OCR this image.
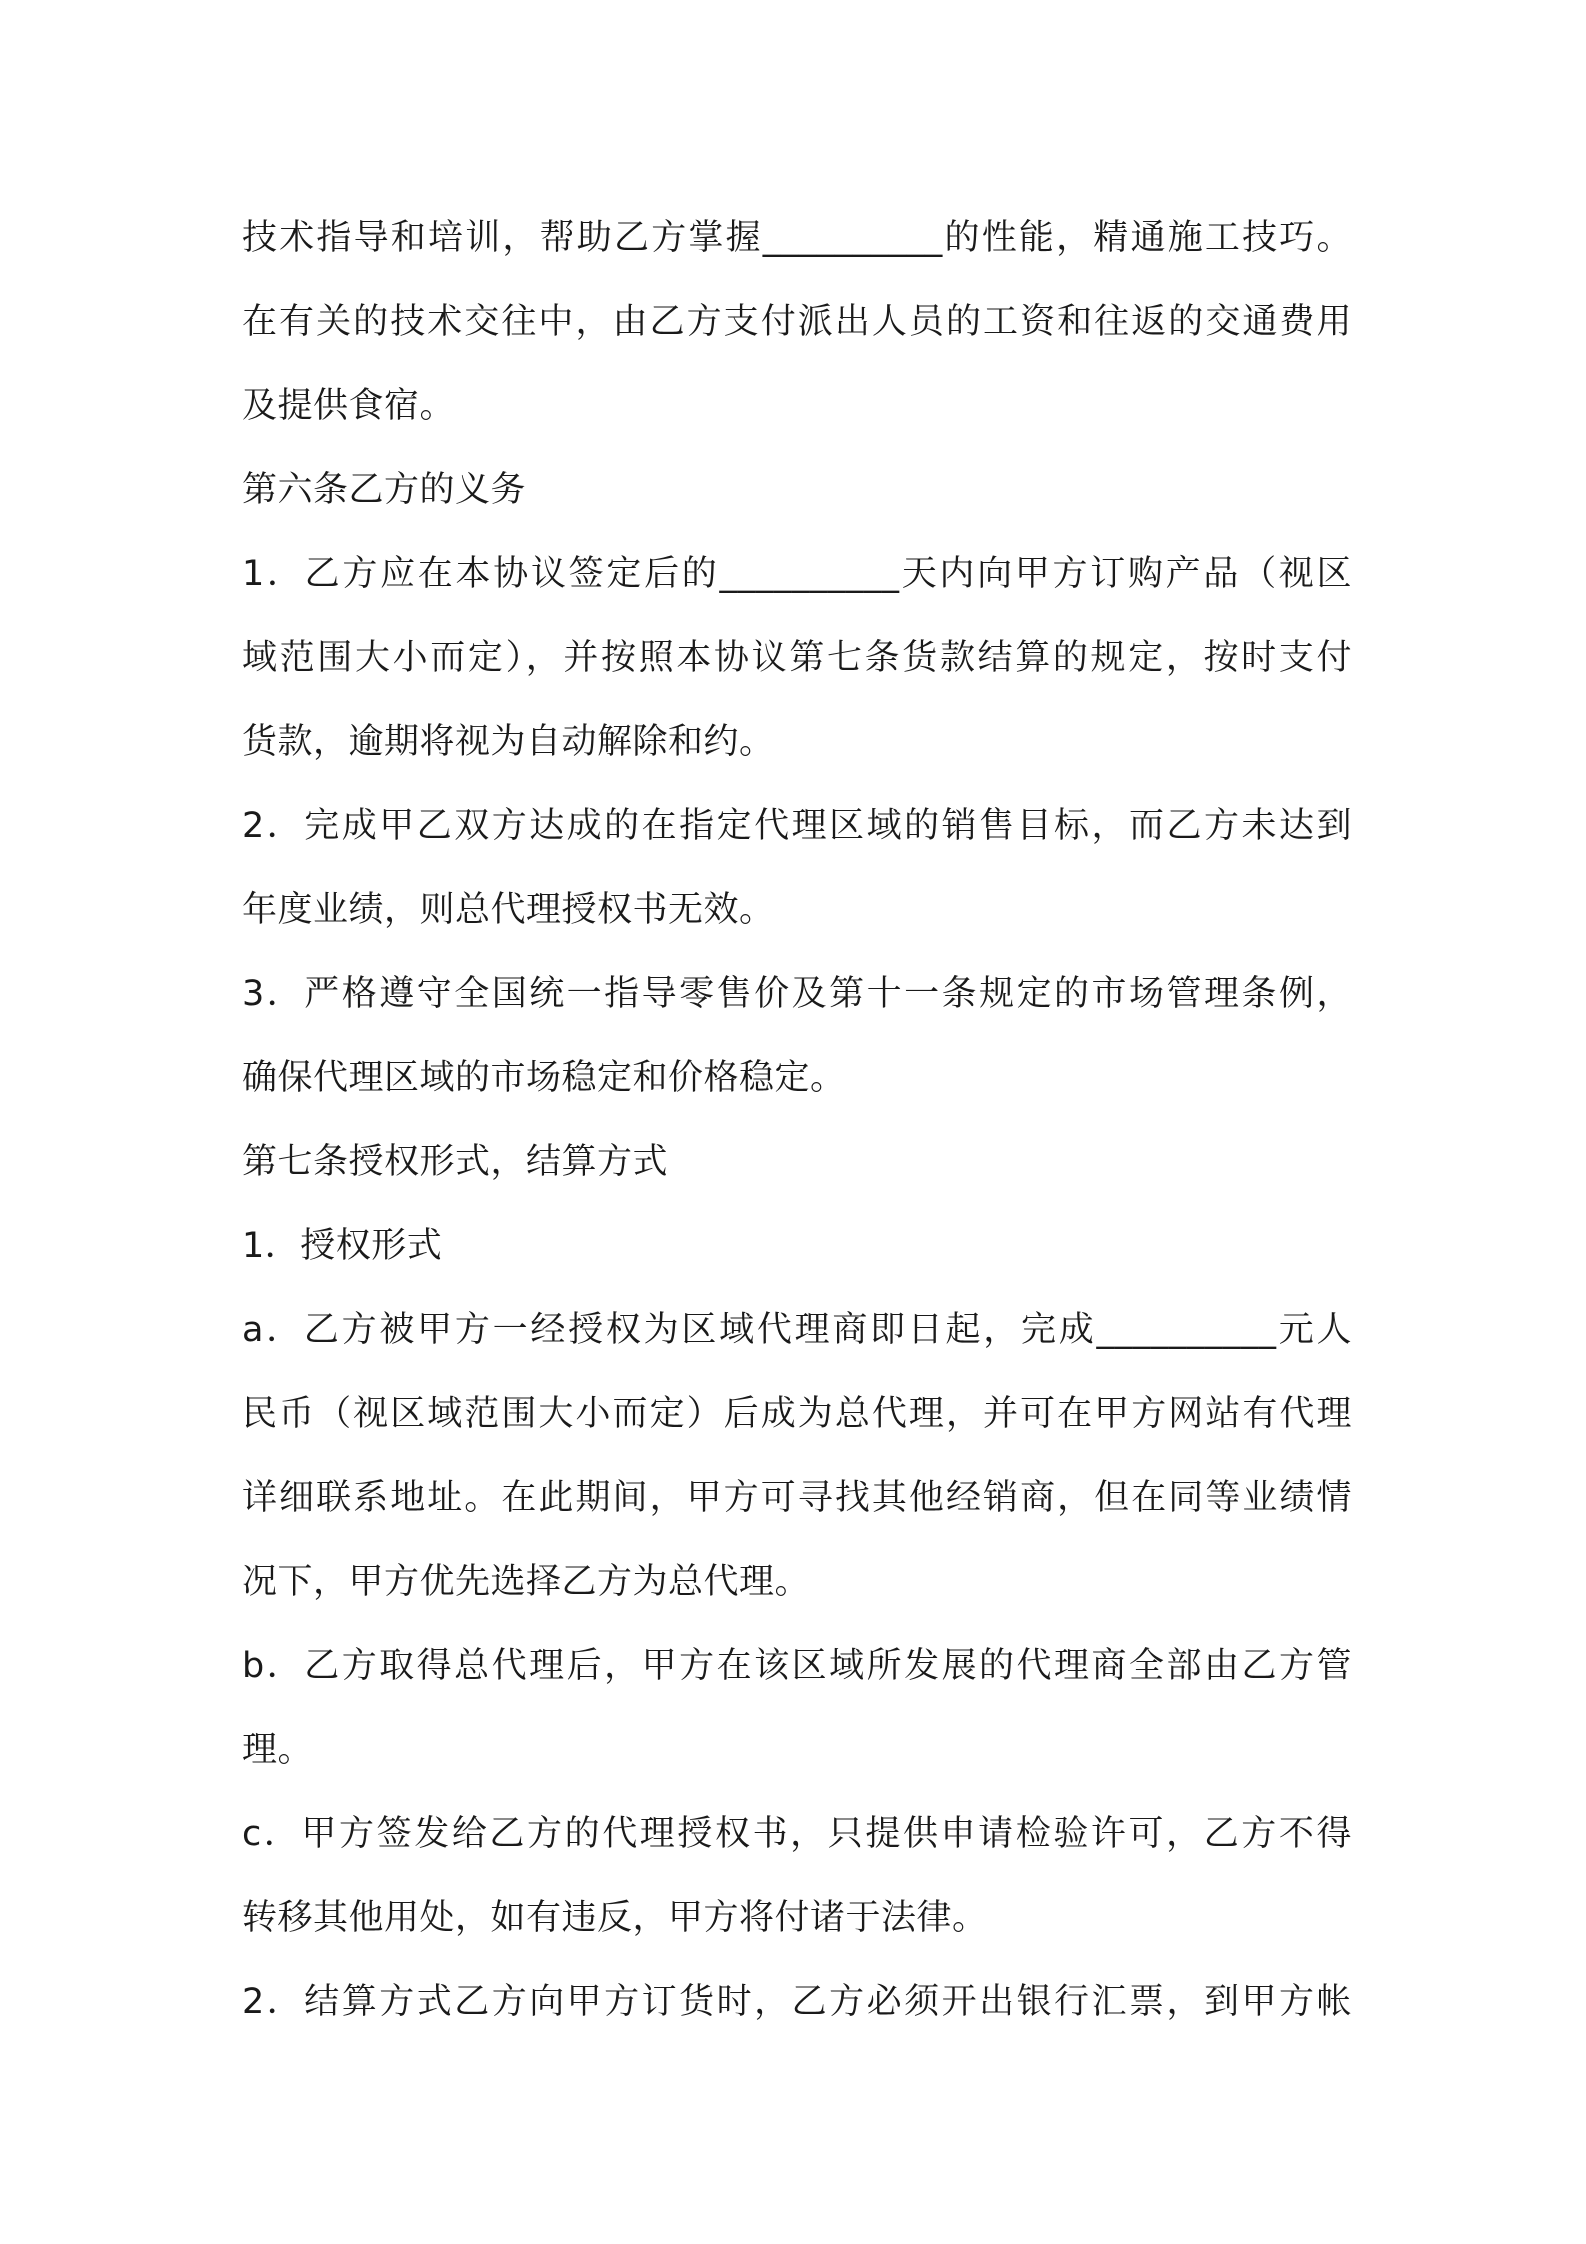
技术指导和培训，帮助乙方掌握__________的性能，精通施工技巧。
在有关的技术交往中，由乙方支付派出人员的工资和往返的交通费用
及提供食宿。
第六条乙方的义务
1．乙方应在本协议签定后的__________天内向甲方订购产品（视区
域范围大小而定），并按照本协议第七条货款结算的规定，按时支付
货款，逾期将视为自动解除和约。
2．完成甲乙双方达成的在指定代理区域的销售目标，而乙方未达到
年度业绩，则总代理授权书无效。
3．严格遵守全国统一指导零售价及第十一条规定的市场管理条例，
确保代理区域的市场稳定和价格稳定。
第七条授权形式，结算方式
1．授权形式
a．乙方被甲方一经授权为区域代理商即日起，完成__________元人
民币（视区域范围大小而定）后成为总代理，并可在甲方网站有代理
详细联系地址。在此期间，甲方可寻找其他经销商，但在同等业绩情
况下，甲方优先选择乙方为总代理。
b．乙方取得总代理后，甲方在该区域所发展的代理商全部由乙方管
理。
c．甲方签发给乙方的代理授权书，只提供申请检验许可，乙方不得
转移其他用处，如有违反，甲方将付诸于法律。
2．结算方式乙方向甲方订货时，乙方必须开出银行汇票，到甲方帐
